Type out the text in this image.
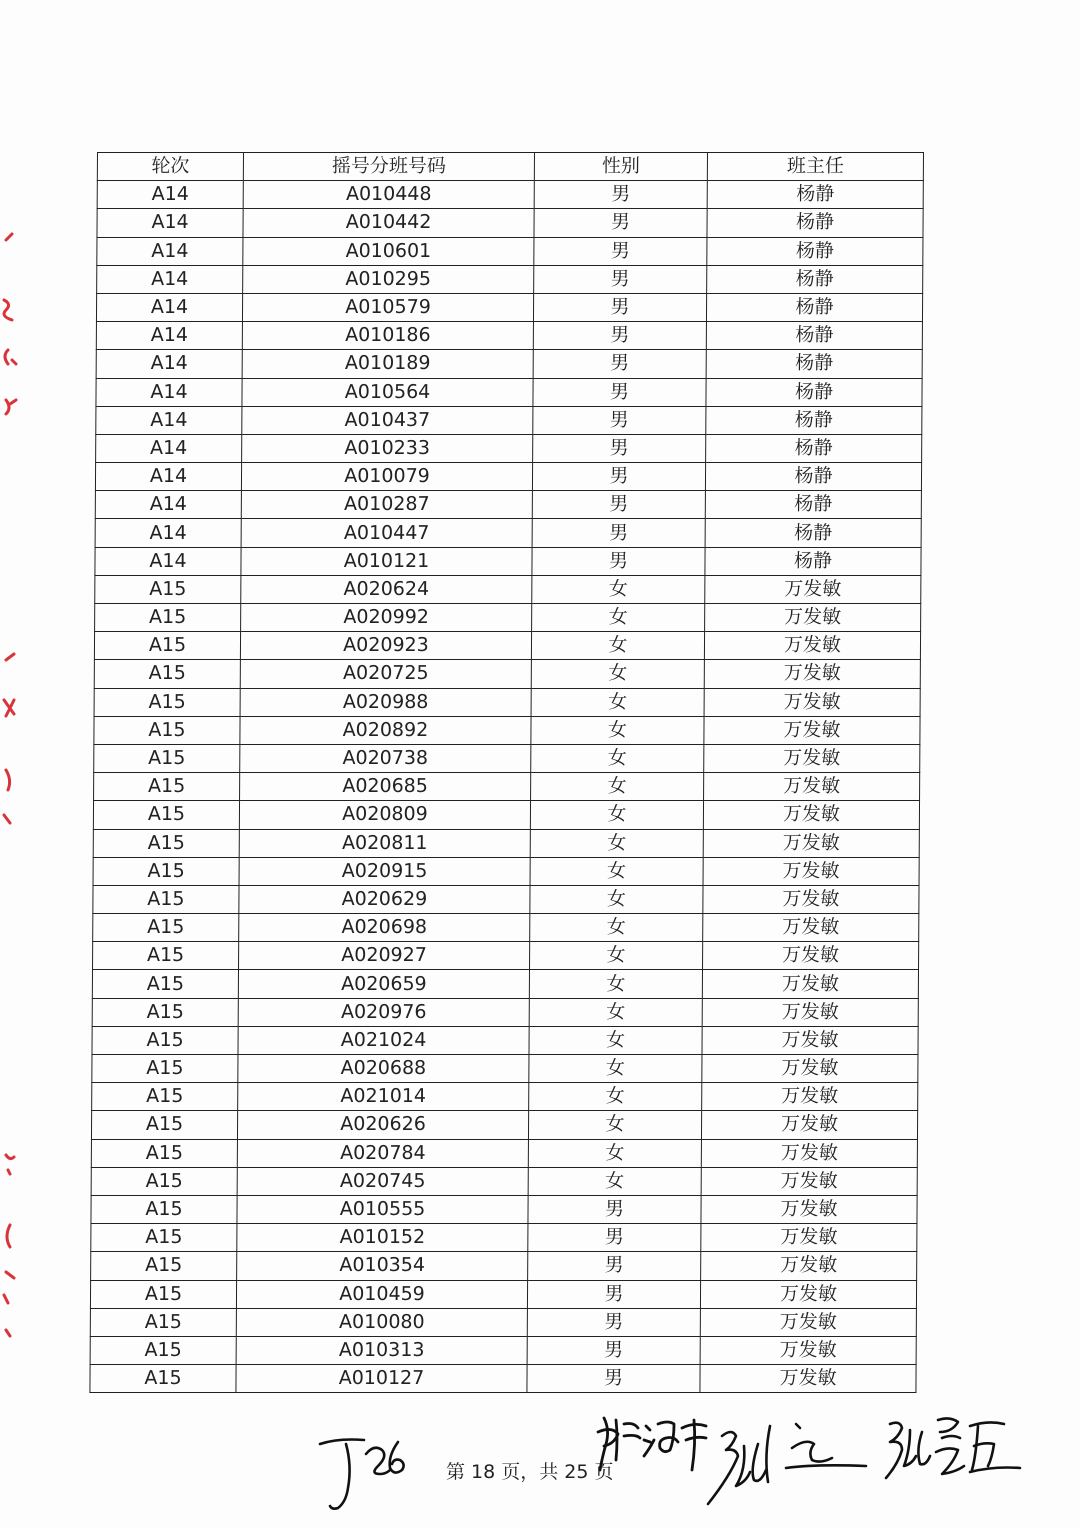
轮次	摇号分班号码	性别	班主任
A14	A010448	男	杨静
A14	A010442	男	杨静
A14	A010601	男	杨静
A14	A010295	男	杨静
A14	A010579	男	杨静
A14	A010186	男	杨静
A14	A010189	男	杨静
A14	A010564	男	杨静
A14	A010437	男	杨静
A14	A010233	男	杨静
A14	A010079	男	杨静
A14	A010287	男	杨静
A14	A010447	男	杨静
A14	A010121	男	杨静
A15	A020624	女	万发敏
A15	A020992	女	万发敏
A15	A020923	女	万发敏
A15	A020725	女	万发敏
A15	A020988	女	万发敏
A15	A020892	女	万发敏
A15	A020738	女	万发敏
A15	A020685	女	万发敏
A15	A020809	女	万发敏
A15	A020811	女	万发敏
A15	A020915	女	万发敏
A15	A020629	女	万发敏
A15	A020698	女	万发敏
A15	A020927	女	万发敏
A15	A020659	女	万发敏
A15	A020976	女	万发敏
A15	A021024	女	万发敏
A15	A020688	女	万发敏
A15	A021014	女	万发敏
A15	A020626	女	万发敏
A15	A020784	女	万发敏
A15	A020745	女	万发敏
A15	A010555	男	万发敏
A15	A010152	男	万发敏
A15	A010354	男	万发敏
A15	A010459	男	万发敏
A15	A010080	男	万发敏
A15	A010313	男	万发敏
A15	A010127	男	万发敏
第 18 页，共 25 页
